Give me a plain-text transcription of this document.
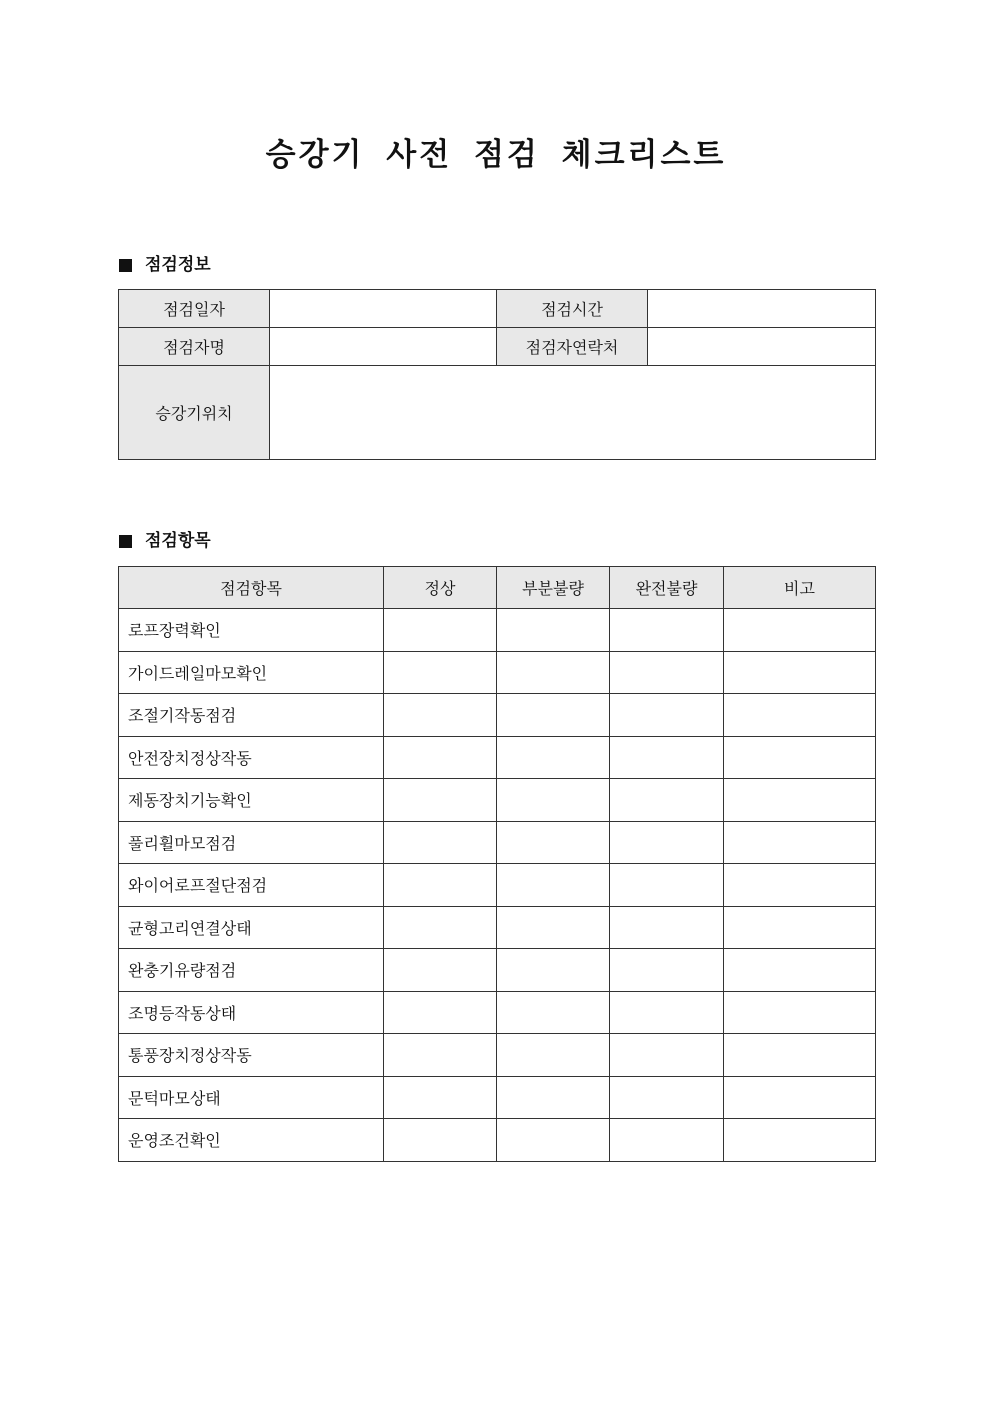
승강기 사전 점검 체크리스트
점검정보
점검일자		점검시간	
점검자명		점검자연락처	
승강기위치			
점검항목
점검항목	정상	부분불량	완전불량	비고
로프장력확인				
가이드레일마모확인				
조절기작동점검				
안전장치정상작동				
제동장치기능확인				
풀리휠마모점검				
와이어로프절단점검				
균형고리연결상태				
완충기유량점검				
조명등작동상태				
통풍장치정상작동				
문턱마모상태				
운영조건확인				
